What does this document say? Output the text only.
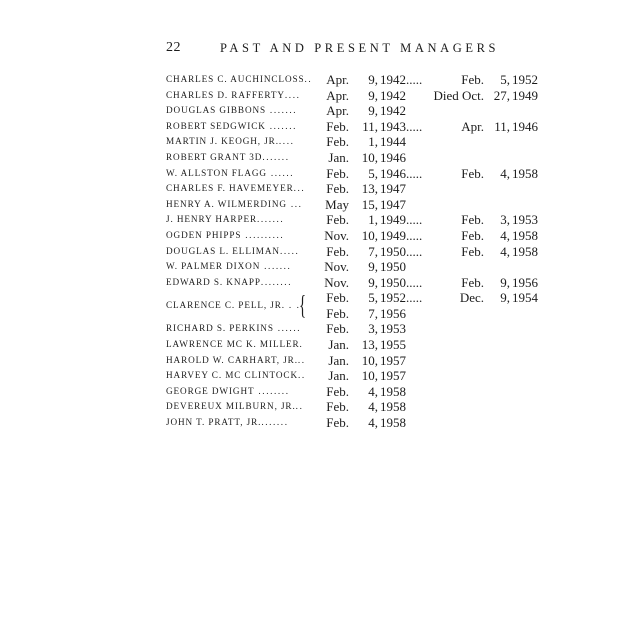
22	PAST AND PRESENT MANAGERS
CHARLES C. AUCHINCLOSS.. Apr.	9, 1942.....	Feb.	5, 1952
CHARLES D. RAFFERTY.... Apr.	9, 1942 Died Oct. 27, 1949
DOUGLAS GIBBONS ....... Apr.	9, 1942
ROBERT SEDGWICK ....... Feb.	11, 1943.....	Apr. 11, 1946
MARTIN J. KEOGH, JR..... Feb.	1, 1944
ROBERT GRANT 3D.......	Jan. 10, 1946
W. ALLSTON FLAGG ...... Feb.	5, 1946.....	Feb.	4, 1958
CHARLES F. HAVEMEYER... Feb. 13, 1947
HENRY A. WILMERDING ... May 15, 1947
J. HENRY HARPER.......	Feb.	1, 1949.....	Feb.	3, 1953
OGDEN PHIPPS ..........	Nov. 10, 1949.....	Feb.	4, 1958
DOUGLAS L. ELLIMAN..... Feb.	7, 1950.....	Feb.	4, 1958
W. PALMER DIXON .......	Nov.	9, 1950
EDWARD S. KNAPP........ Nov.	9, 1950.....	Feb.	9, 1956
CLARENCE C. PELL, JR. . .
{ Feb.	5, 1952.....	Dec.	9, 1954
Feb.	7, 1956
RICHARD S. PERKINS ...... Feb.	3, 1953
LAWRENCE MC K. MILLER. Jan. 13, 1955
HAROLD W. CARHART, JR... Jan. 10, 1957
HARVEY C. MC CLINTOCK.. Jan. 10, 1957
GEORGE DWIGHT ........	Feb.	4, 1958
DEVEREUX MILBURN, JR... Feb.	4, 1958
JOHN T. PRATT, JR........	Feb.	4, 1958
